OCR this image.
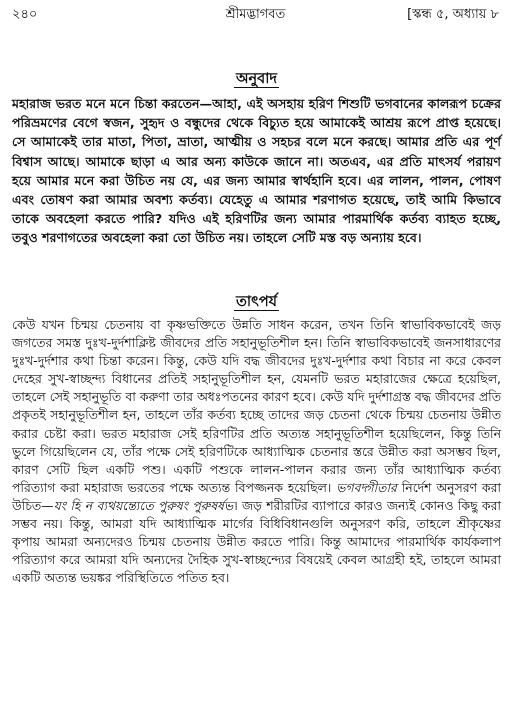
২৪০	শ্রীমদ্ভাগবত	[স্কন্ধ ৫, অধ্যায় ৮
অনুবাদ

মহারাজ ভরত মনে মনে চিন্তা করতেন—আহা, এই অসহায় হরিণ শিশুটি ভগবানের কালরূপ চক্রের পরিভ্রমণের বেগে স্বজন, সুহৃদ ও বন্ধুদের থেকে বিচ্যুত হয়ে আমাকেই আশ্রয় রূপে প্রাপ্ত হয়েছে। সে আমাকেই তার মাতা, পিতা, ভ্রাতা, আত্মীয় ও সহচর বলে মনে করছে। আমার প্রতি এর পূর্ণ বিশ্বাস আছে। আমাকে ছাড়া এ আর অন্য কাউকে জানে না। অতএব, এর প্রতি মাৎসর্য পরায়ণ হয়ে আমার মনে করা উচিত নয় যে, এর জন্য আমার স্বার্থহানি হবে। এর লালন, পালন, পোষণ এবং তোষণ করা আমার অবশ্য কর্তব্য। যেহেতু এ আমার শরণাগত হয়েছে, তাই আমি কিভাবে তাকে অবহেলা করতে পারি? যদিও এই হরিণটির জন্য আমার পারমার্থিক কর্তব্য ব্যাহত হচ্ছে, তবুও শরণাগতের অবহেলা করা তো উচিত নয়। তাহলে সেটি মস্ত বড় অন্যায় হবে।

তাৎপর্য

কেউ যখন চিন্ময় চেতনায় বা কৃষ্ণভক্তিতে উন্নতি সাধন করেন, তখন তিনি স্বাভাবিকভাবেই জড় জগতের সমস্ত দুঃখ-দুর্দশাক্লিষ্ট জীবদের প্রতি সহানুভূতিশীল হন। তিনি স্বাভাবিকভাবেই জনসাধারণের দুঃখ-দুর্দশার কথা চিন্তা করেন। কিন্তু, কেউ যদি বদ্ধ জীবদের দুঃখ-দুর্দশার কথা বিচার না করে কেবল দেহের সুখ-স্বাচ্ছন্দ্য বিধানের প্রতিই সহানুভূতিশীল হন, যেমনটি ভরত মহারাজের ক্ষেত্রে হয়েছিল, তাহলে সেই সহানুভূতি বা করুণা তার অধঃপতনের কারণ হবে। কেউ যদি দুর্দশাগ্রস্ত বদ্ধ জীবদের প্রতি প্রকৃতই সহানুভূতিশীল হন, তাহলে তাঁর কর্তব্য হচ্ছে তাদের জড় চেতনা থেকে চিন্ময় চেতনায় উন্নীত করার চেষ্টা করা। ভরত মহারাজ সেই হরিণটির প্রতি অত্যন্ত সহানুভূতিশীল হয়েছিলেন, কিন্তু তিনি ভুলে গিয়েছিলেন যে, তাঁর পক্ষে সেই হরিণটিকে আধ্যাত্মিক চেতনার স্তরে উন্নীত করা অসম্ভব ছিল, কারণ সেটি ছিল একটি পশু। একটি পশুকে লালন-পালন করার জন্য তাঁর আধ্যাত্মিক কর্তব্য পরিত্যাগ করা মহারাজ ভরতের পক্ষে অত্যন্ত বিপজ্জনক হয়েছিল। ভগবদ্গীতার নির্দেশ অনুসরণ করা উচিত—যং হি ন ব্যথয়ন্ত্যেতে পুরুষং পুরুষর্ষভ। জড় শরীরটির ব্যাপারে কারও জন্যই কোনও কিছু করা সম্ভব নয়। কিন্তু, আমরা যদি আধ্যাত্মিক মার্গের বিধিবিধানগুলি অনুসরণ করি, তাহলে শ্রীকৃষ্ণের কৃপায় আমরা অন্যদেরও চিন্ময় চেতনায় উন্নীত করতে পারি। কিন্তু আমাদের পারমার্থিক কার্যকলাপ পরিত্যাগ করে আমরা যদি অন্যদের দৈহিক সুখ-স্বাচ্ছন্দ্যের বিষয়েই কেবল আগ্রহী হই, তাহলে আমরা একটি অত্যন্ত ভয়ঙ্কর পরিস্থিতিতে পতিত হব।
